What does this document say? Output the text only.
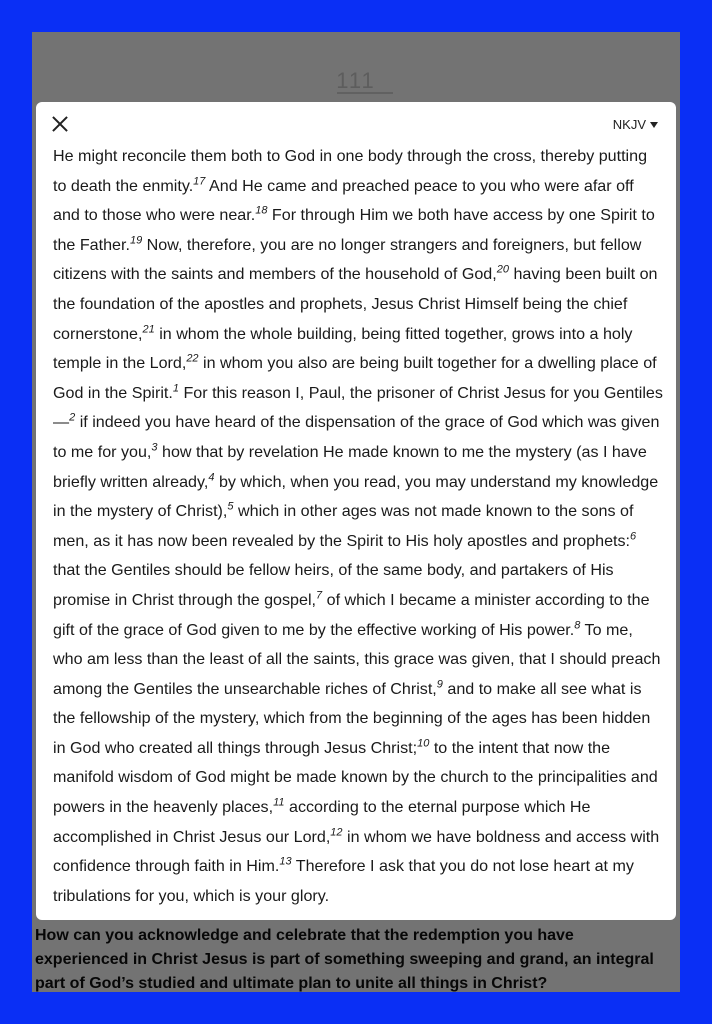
NKJV
He might reconcile them both to God in one body through the cross, thereby putting to death the enmity.$^{17}$ And He came and preached peace to you who were afar off and to those who were near.$^{18}$ For through Him we both have access by one Spirit to the Father.$^{19}$ Now, therefore, you are no longer strangers and foreigners, but fellow citizens with the saints and members of the household of God,$^{20}$ having been built on the foundation of the apostles and prophets, Jesus Christ Himself being the chief cornerstone,$^{21}$ in whom the whole building, being fitted together, grows into a holy temple in the Lord,$^{22}$ in whom you also are being built together for a dwelling place of God in the Spirit.$^1$ For this reason I, Paul, the prisoner of Christ Jesus for you Gentiles—$^2$ if indeed you have heard of the dispensation of the grace of God which was given to me for you,$^3$ how that by revelation He made known to me the mystery (as I have briefly written already,$^4$ by which, when you read, you may understand my knowledge in the mystery of Christ),$^5$ which in other ages was not made known to the sons of men, as it has now been revealed by the Spirit to His holy apostles and prophets:$^6$ that the Gentiles should be fellow heirs, of the same body, and partakers of His promise in Christ through the gospel,$^7$ of which I became a minister according to the gift of the grace of God given to me by the effective working of His power.$^8$ To me, who am less than the least of all the saints, this grace was given, that I should preach among the Gentiles the unsearchable riches of Christ,$^9$ and to make all see what is the fellowship of the mystery, which from the beginning of the ages has been hidden in God who created all things through Jesus Christ;$^{10}$ to the intent that now the manifold wisdom of God might be made known by the church to the principalities and powers in the heavenly places,$^{11}$ according to the eternal purpose which He accomplished in Christ Jesus our Lord,$^{12}$ in whom we have boldness and access with confidence through faith in Him.$^{13}$ Therefore I ask that you do not lose heart at my tribulations for you, which is your glory.
